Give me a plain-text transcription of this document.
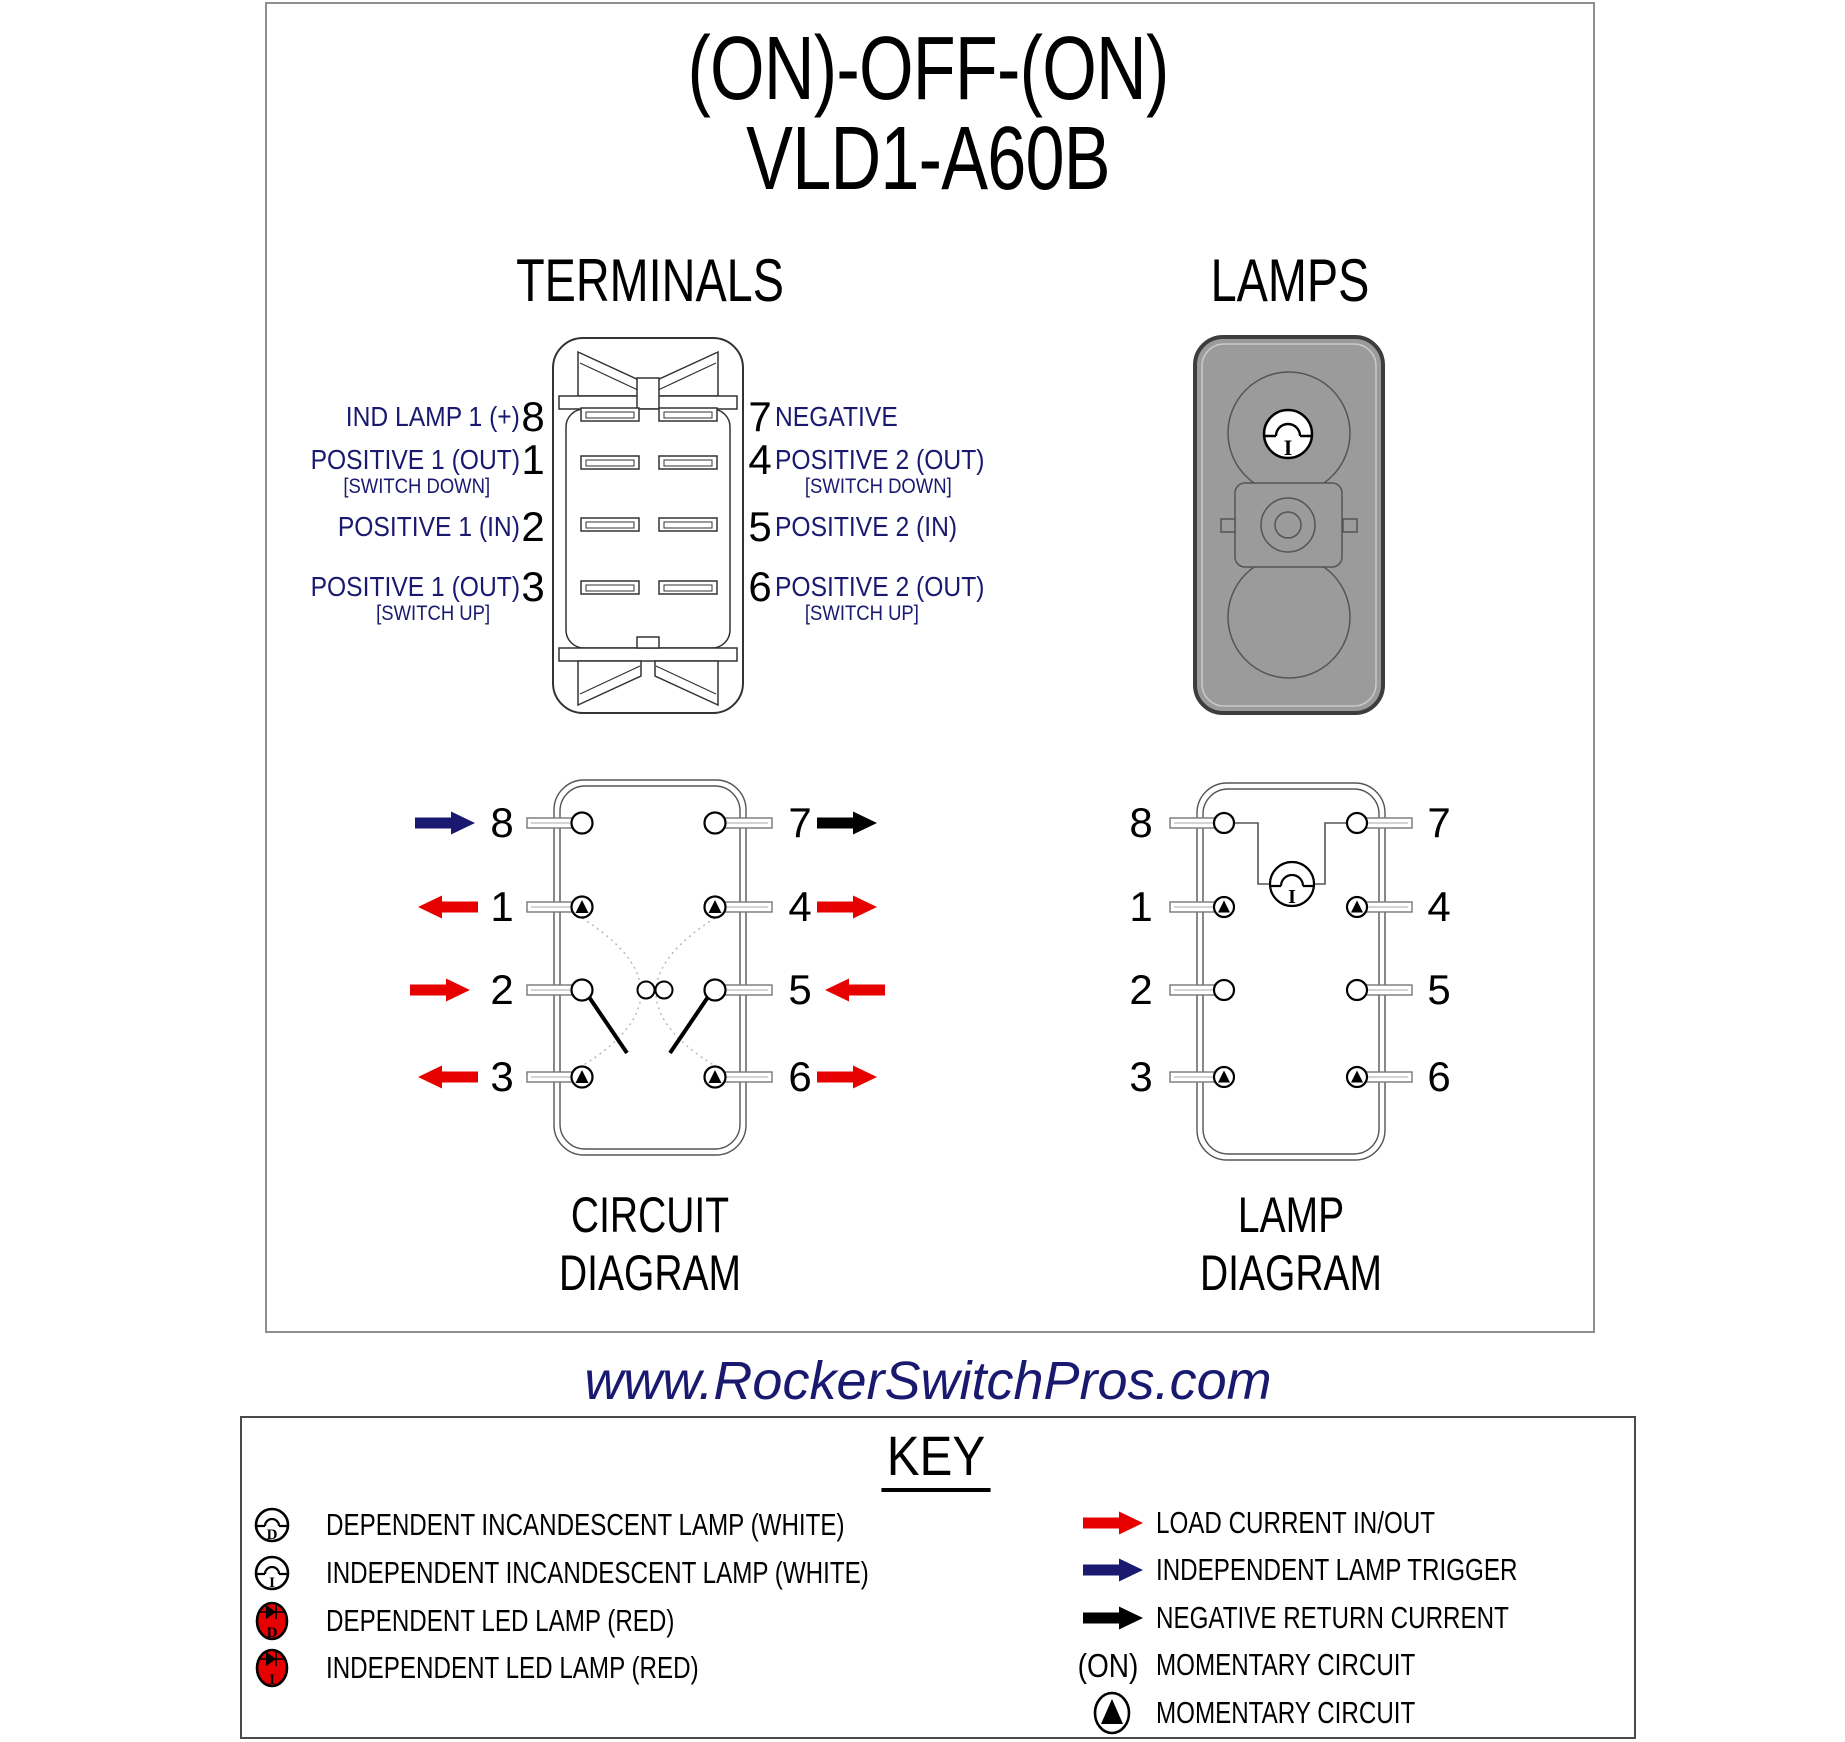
I
I
D
I
D
I
(ON)-OFF-(ON)
VLD1-A60B
TERMINALS	LAMPS
8
1
2
3
7
4
5
6
IND LAMP 1 (+)
POSITIVE 1 (OUT)
[SWITCH DOWN]
POSITIVE 1 (IN)
POSITIVE 1 (OUT)
[SWITCH UP]
NEGATIVE
POSITIVE 2 (OUT)
[SWITCH DOWN]
POSITIVE 2 (IN)
POSITIVE 2 (OUT)
[SWITCH UP]
8
1
2
3
7
4
5
6
8
1
2
3
7
4
5
6
CIRCUIT
DIAGRAM
LAMP
DIAGRAM
www.RockerSwitchPros.com
KEY
DEPENDENT INCANDESCENT LAMP (WHITE)
INDEPENDENT INCANDESCENT LAMP (WHITE)
DEPENDENT LED LAMP (RED)
INDEPENDENT LED LAMP (RED)
LOAD CURRENT IN/OUT
INDEPENDENT LAMP TRIGGER
NEGATIVE RETURN CURRENT
(ON) MOMENTARY CIRCUIT
MOMENTARY CIRCUIT
